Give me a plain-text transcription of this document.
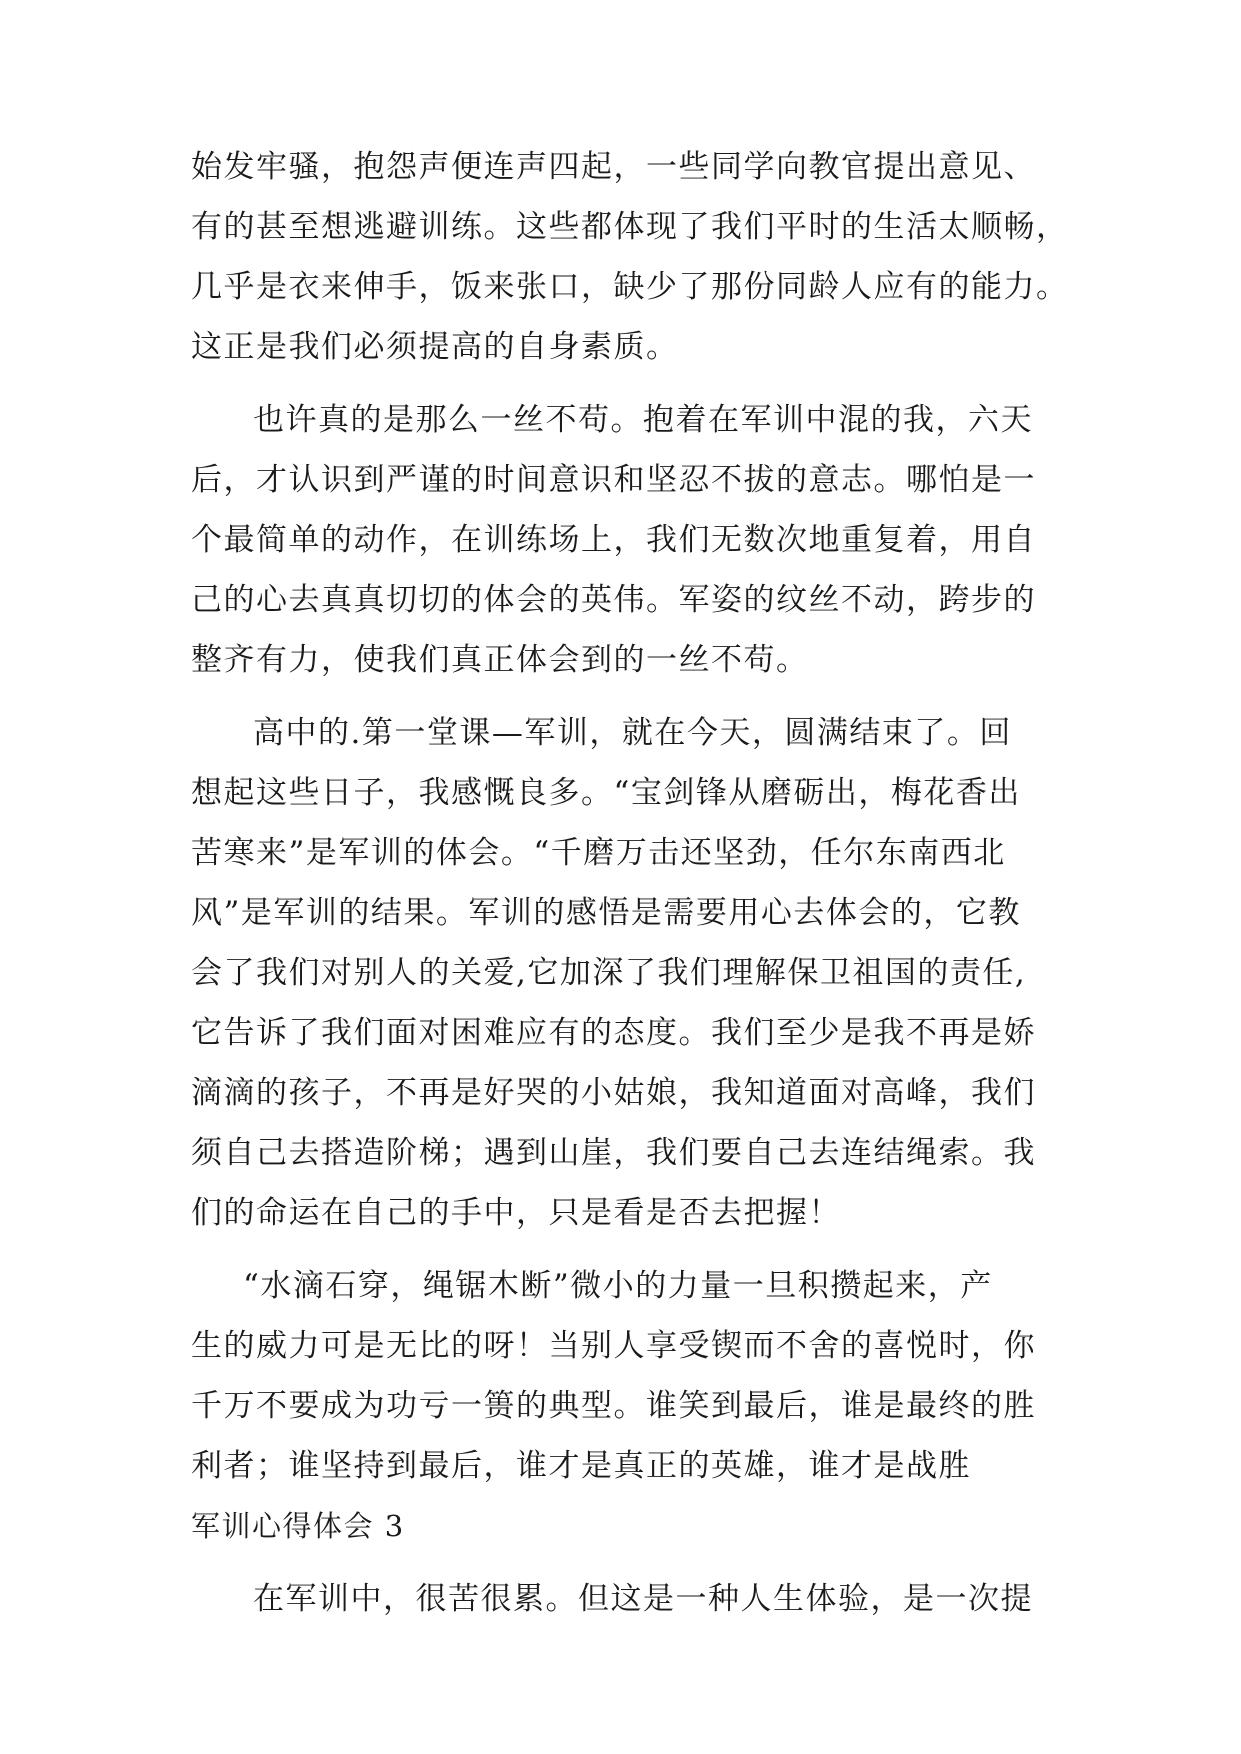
始发牢骚，抱怨声便连声四起，一些同学向教官提出意见、
有的甚至想逃避训练。这些都体现了我们平时的生活太顺畅，
几乎是衣来伸手，饭来张口，缺少了那份同龄人应有的能力。
这正是我们必须提高的自身素质。
也许真的是那么一丝不苟。抱着在军训中混的我，六天
后，才认识到严谨的时间意识和坚忍不拔的意志。哪怕是一
个最简单的动作，在训练场上，我们无数次地重复着，用自
己的心去真真切切的体会的英伟。军姿的纹丝不动，跨步的
整齐有力，使我们真正体会到的一丝不苟。
高中的.第一堂课—军训，就在今天，圆满结束了。回
想起这些日子，我感慨良多。“宝剑锋从磨砺出，梅花香出
苦寒来”是军训的体会。“千磨万击还坚劲，任尔东南西北
风”是军训的结果。军训的感悟是需要用心去体会的，它教
会了我们对别人的关爱,它加深了我们理解保卫祖国的责任,
它告诉了我们面对困难应有的态度。我们至少是我不再是娇
滴滴的孩子，不再是好哭的小姑娘，我知道面对高峰，我们
须自己去搭造阶梯；遇到山崖，我们要自己去连结绳索。我
们的命运在自己的手中，只是看是否去把握！
“水滴石穿，绳锯木断”微小的力量一旦积攒起来，产
生的威力可是无比的呀！当别人享受锲而不舍的喜悦时，你
千万不要成为功亏一篑的典型。谁笑到最后，谁是最终的胜
利者；谁坚持到最后，谁才是真正的英雄，谁才是战胜
军训心得体会 3
在军训中，很苦很累。但这是一种人生体验，是一次提
